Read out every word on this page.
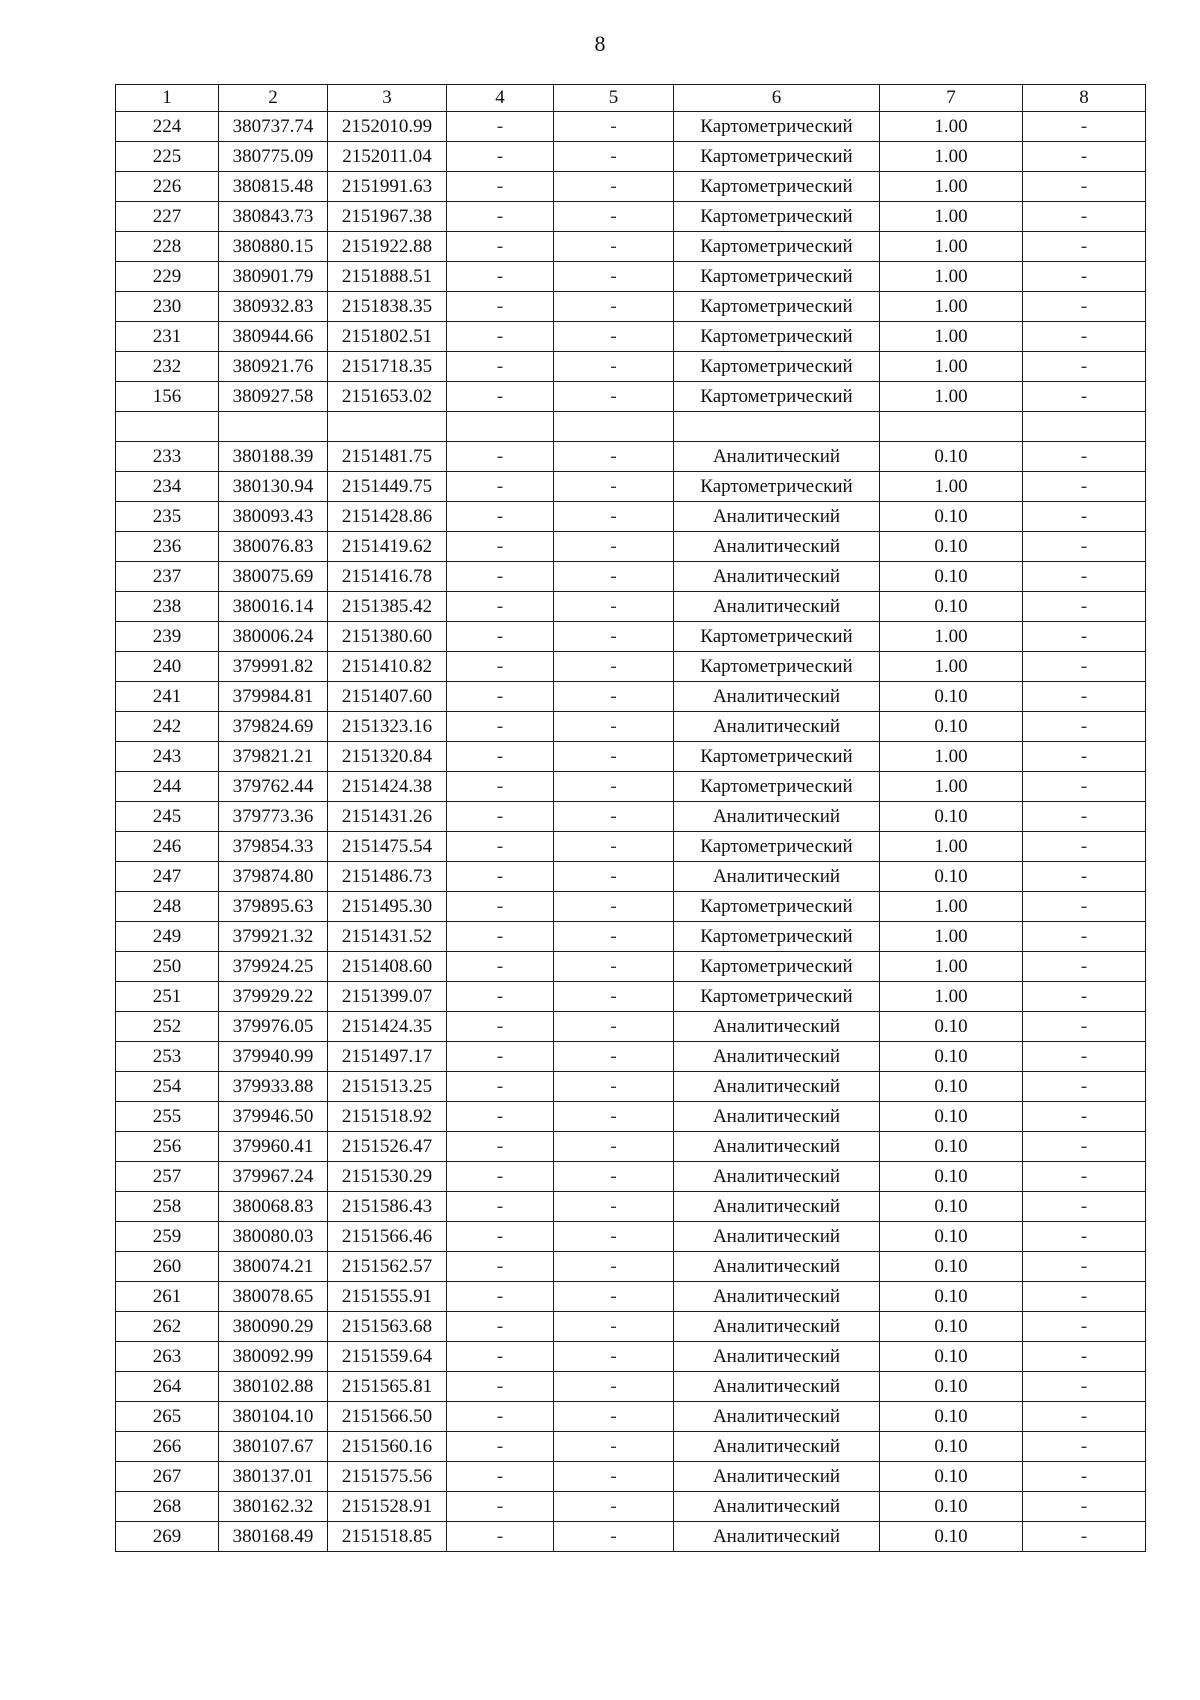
8
1	2	3	4	5	6	7	8
224	380737.74	2152010.99	-	-	Картометрический	1.00	-
225	380775.09	2152011.04	-	-	Картометрический	1.00	-
226	380815.48	2151991.63	-	-	Картометрический	1.00	-
227	380843.73	2151967.38	-	-	Картометрический	1.00	-
228	380880.15	2151922.88	-	-	Картометрический	1.00	-
229	380901.79	2151888.51	-	-	Картометрический	1.00	-
230	380932.83	2151838.35	-	-	Картометрический	1.00	-
231	380944.66	2151802.51	-	-	Картометрический	1.00	-
232	380921.76	2151718.35	-	-	Картометрический	1.00	-
156	380927.58	2151653.02	-	-	Картометрический	1.00	-

233	380188.39	2151481.75	-	-	Аналитический	0.10	-
234	380130.94	2151449.75	-	-	Картометрический	1.00	-
235	380093.43	2151428.86	-	-	Аналитический	0.10	-
236	380076.83	2151419.62	-	-	Аналитический	0.10	-
237	380075.69	2151416.78	-	-	Аналитический	0.10	-
238	380016.14	2151385.42	-	-	Аналитический	0.10	-
239	380006.24	2151380.60	-	-	Картометрический	1.00	-
240	379991.82	2151410.82	-	-	Картометрический	1.00	-
241	379984.81	2151407.60	-	-	Аналитический	0.10	-
242	379824.69	2151323.16	-	-	Аналитический	0.10	-
243	379821.21	2151320.84	-	-	Картометрический	1.00	-
244	379762.44	2151424.38	-	-	Картометрический	1.00	-
245	379773.36	2151431.26	-	-	Аналитический	0.10	-
246	379854.33	2151475.54	-	-	Картометрический	1.00	-
247	379874.80	2151486.73	-	-	Аналитический	0.10	-
248	379895.63	2151495.30	-	-	Картометрический	1.00	-
249	379921.32	2151431.52	-	-	Картометрический	1.00	-
250	379924.25	2151408.60	-	-	Картометрический	1.00	-
251	379929.22	2151399.07	-	-	Картометрический	1.00	-
252	379976.05	2151424.35	-	-	Аналитический	0.10	-
253	379940.99	2151497.17	-	-	Аналитический	0.10	-
254	379933.88	2151513.25	-	-	Аналитический	0.10	-
255	379946.50	2151518.92	-	-	Аналитический	0.10	-
256	379960.41	2151526.47	-	-	Аналитический	0.10	-
257	379967.24	2151530.29	-	-	Аналитический	0.10	-
258	380068.83	2151586.43	-	-	Аналитический	0.10	-
259	380080.03	2151566.46	-	-	Аналитический	0.10	-
260	380074.21	2151562.57	-	-	Аналитический	0.10	-
261	380078.65	2151555.91	-	-	Аналитический	0.10	-
262	380090.29	2151563.68	-	-	Аналитический	0.10	-
263	380092.99	2151559.64	-	-	Аналитический	0.10	-
264	380102.88	2151565.81	-	-	Аналитический	0.10	-
265	380104.10	2151566.50	-	-	Аналитический	0.10	-
266	380107.67	2151560.16	-	-	Аналитический	0.10	-
267	380137.01	2151575.56	-	-	Аналитический	0.10	-
268	380162.32	2151528.91	-	-	Аналитический	0.10	-
269	380168.49	2151518.85	-	-	Аналитический	0.10	-
